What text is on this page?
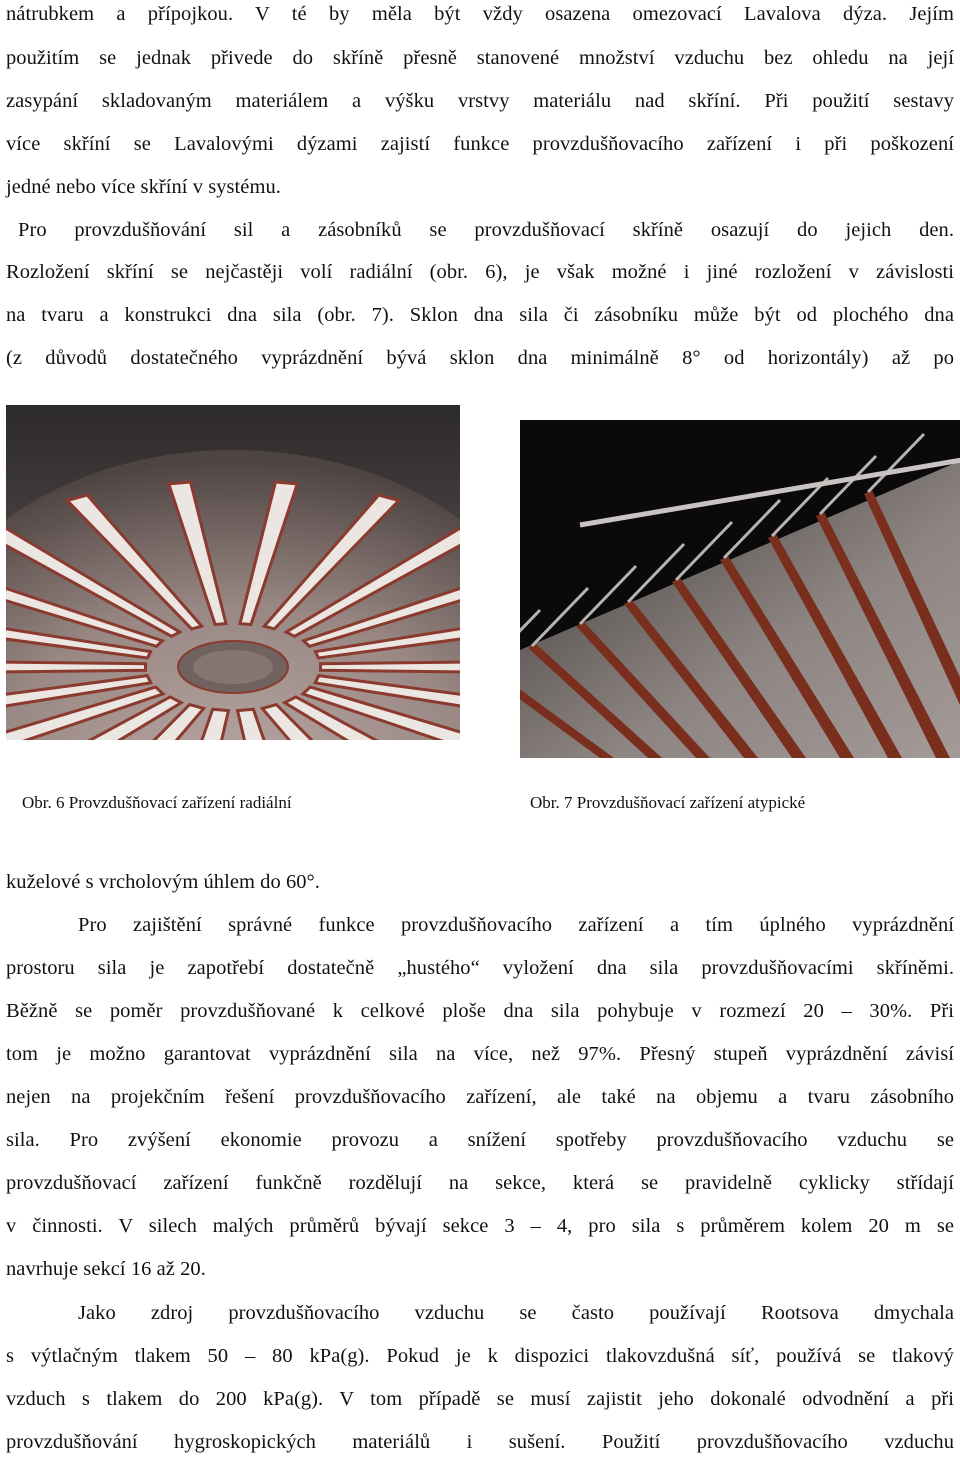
nátrubkem a přípojkou. V té by měla být vždy osazena omezovací Lavalova dýza. Jejím
použitím se jednak přivede do skříně přesně stanovené množství vzduchu bez ohledu na její
zasypání skladovaným materiálem a výšku vrstvy materiálu nad skříní. Při použití sestavy
více skříní se Lavalovými dýzami zajistí funkce provzdušňovacího zařízení i při poškození
jedné nebo více skříní v systému.
Pro provzdušňování sil a zásobníků se provzdušňovací skříně osazují do jejich den.
Rozložení skříní se nejčastěji volí radiální (obr. 6), je však možné i jiné rozložení v závislosti
na tvaru a konstrukci dna sila (obr. 7). Sklon dna sila či zásobníku může být od plochého dna
(z důvodů dostatečného vyprázdnění bývá sklon dna minimálně 8° od horizontály) až po
Obr. 6 Provzdušňovací zařízení radiální	Obr. 7 Provzdušňovací zařízení atypické
kuželové s vrcholovým úhlem do 60°.
Pro zajištění správné funkce provzdušňovacího zařízení a tím úplného vyprázdnění
prostoru sila je zapotřebí dostatečně „hustého“ vyložení dna sila provzdušňovacími skříněmi.
Běžně se poměr provzdušňované k celkové ploše dna sila pohybuje v rozmezí 20 – 30%. Při
tom je možno garantovat vyprázdnění sila na více, než 97%. Přesný stupeň vyprázdnění závisí
nejen na projekčním řešení provzdušňovacího zařízení, ale také na objemu a tvaru zásobního
sila. Pro zvýšení ekonomie provozu a snížení spotřeby provzdušňovacího vzduchu se
provzdušňovací zařízení funkčně rozdělují na sekce, která se pravidelně cyklicky střídají
v činnosti. V silech malých průměrů bývají sekce 3 – 4, pro sila s průměrem kolem 20 m se
navrhuje sekcí 16 až 20.
Jako zdroj provzdušňovacího vzduchu se často používají Rootsova dmychala
s výtlačným tlakem 50 – 80 kPa(g). Pokud je k dispozici tlakovzdušná síť, používá se tlakový
vzduch s tlakem do 200 kPa(g). V tom případě se musí zajistit jeho dokonalé odvodnění a při
provzdušňování hygroskopických materiálů i sušení. Použití provzdušňovacího vzduchu
